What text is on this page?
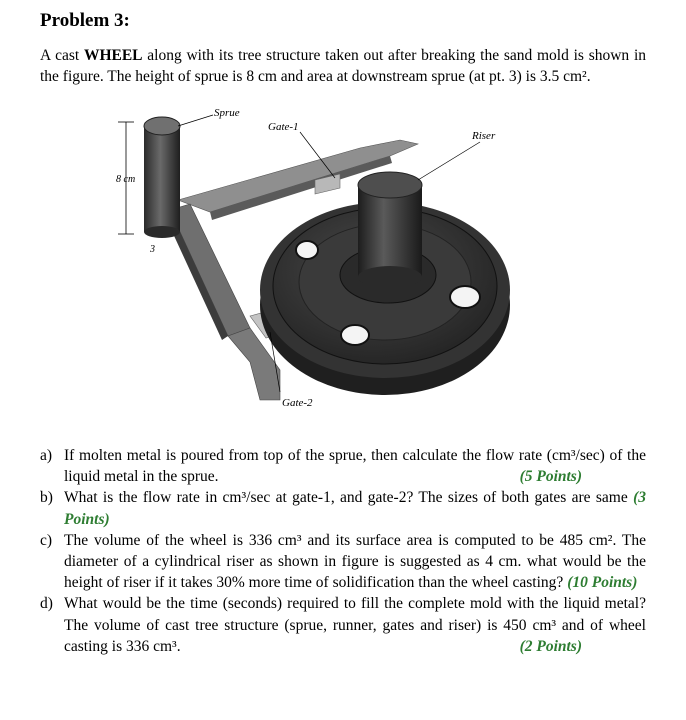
Problem 3:

A cast WHEEL along with its tree structure taken out after breaking the sand mold is shown in the figure. The height of sprue is 8 cm and area at downstream sprue (at pt. 3) is 3.5 cm².

Sprue
Gate-1
Riser
8 cm
3
Gate-2
a) If molten metal is poured from top of the sprue, then calculate the flow rate (cm³/sec) of the liquid metal in the sprue.	(5 Points)
b) What is the flow rate in cm³/sec at gate-1, and gate-2? The sizes of both gates are same (3 Points)
c) The volume of the wheel is 336 cm³ and its surface area is computed to be 485 cm². The diameter of a cylindrical riser as shown in figure is suggested as 4 cm. what would be the height of riser if it takes 30% more time of solidification than the wheel casting? (10 Points)
d) What would be the time (seconds) required to fill the complete mold with the liquid metal? The volume of cast tree structure (sprue, runner, gates and riser) is 450 cm³ and of wheel casting is 336 cm³.	(2 Points)
